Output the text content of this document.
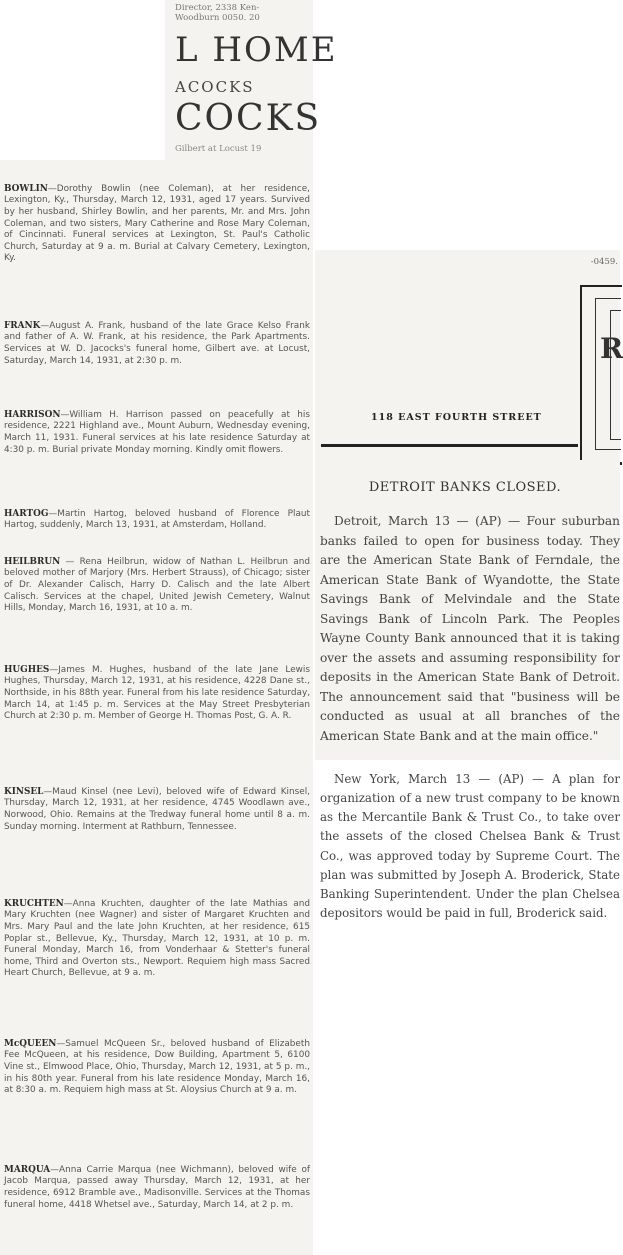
Director, 2338 Ken-
Woodburn 0050. 20
L HOME
ACOCKS
COCKS
Gilbert at Locust 19

BOWLIN—Dorothy Bowlin (nee Coleman), at her residence, Lexington, Ky., Thursday, March 12, 1931, aged 17 years. Survived by her husband, Shirley Bowlin, and her parents, Mr. and Mrs. John Coleman, and two sisters, Mary Catherine and Rose Mary Coleman, of Cincinnati. Funeral services at Lexington, St. Paul's Catholic Church, Saturday at 9 a. m. Burial at Calvary Cemetery, Lexington, Ky.

FRANK—August A. Frank, husband of the late Grace Kelso Frank and father of A. W. Frank, at his residence, the Park Apartments. Services at W. D. Jacocks's funeral home, Gilbert ave. at Locust, Saturday, March 14, 1931, at 2:30 p. m.

HARRISON—William H. Harrison passed on peacefully at his residence, 2221 Highland ave., Mount Auburn, Wednesday evening, March 11, 1931. Funeral services at his late residence Saturday at 4:30 p. m. Burial private Monday morning. Kindly omit flowers.

HARTOG—Martin Hartog, beloved husband of Florence Plaut Hartog, suddenly, March 13, 1931, at Amsterdam, Holland.

HEILBRUN — Rena Heilbrun, widow of Nathan L. Heilbrun and beloved mother of Marjory (Mrs. Herbert Strauss), of Chicago; sister of Dr. Alexander Calisch, Harry D. Calisch and the late Albert Calisch. Services at the chapel, United Jewish Cemetery, Walnut Hills, Monday, March 16, 1931, at 10 a. m.

HUGHES—James M. Hughes, husband of the late Jane Lewis Hughes, Thursday, March 12, 1931, at his residence, 4228 Dane st., Northside, in his 88th year. Funeral from his late residence Saturday, March 14, at 1:45 p. m. Services at the May Street Presbyterian Church at 2:30 p. m. Member of George H. Thomas Post, G. A. R.

KINSEL—Maud Kinsel (nee Levi), beloved wife of Edward Kinsel, Thursday, March 12, 1931, at her residence, 4745 Woodlawn ave., Norwood, Ohio. Remains at the Tredway funeral home until 8 a. m. Sunday morning. Interment at Rathburn, Tennessee.

KRUCHTEN—Anna Kruchten, daughter of the late Mathias and Mary Kruchten (nee Wagner) and sister of Margaret Kruchten and Mrs. Mary Paul and the late John Kruchten, at her residence, 615 Poplar st., Bellevue, Ky., Thursday, March 12, 1931, at 10 p. m. Funeral Monday, March 16, from Vonderhaar & Stetter's funeral home, Third and Overton sts., Newport. Requiem high mass Sacred Heart Church, Bellevue, at 9 a. m.

McQUEEN—Samuel McQueen Sr., beloved husband of Elizabeth Fee McQueen, at his residence, Dow Building, Apartment 5, 6100 Vine st., Elmwood Place, Ohio, Thursday, March 12, 1931, at 5 p. m., in his 80th year. Funeral from his late residence Monday, March 16, at 8:30 a. m. Requiem high mass at St. Aloysius Church at 9 a. m.

MARQUA—Anna Carrie Marqua (nee Wichmann), beloved wife of Jacob Marqua, passed away Thursday, March 12, 1931, at her residence, 6912 Bramble ave., Madisonville. Services at the Thomas funeral home, 4418 Whetsel ave., Saturday, March 14, at 2 p. m.

-0459.
R
118 EAST FOURTH STREET
DETROIT BANKS CLOSED.

Detroit, March 13 — (AP) — Four suburban banks failed to open for business today. They are the American State Bank of Ferndale, the American State Bank of Wyandotte, the State Savings Bank of Melvindale and the State Savings Bank of Lincoln Park. The Peoples Wayne County Bank announced that it is taking over the assets and assuming responsibility for deposits in the American State Bank of Detroit. The announcement said that "business will be conducted as usual at all branches of the American State Bank and at the main office."

New York, March 13 — (AP) — A plan for organization of a new trust company to be known as the Mercantile Bank & Trust Co., to take over the assets of the closed Chelsea Bank & Trust Co., was approved today by Supreme Court. The plan was submitted by Joseph A. Broderick, State Banking Superintendent. Under the plan Chelsea depositors would be paid in full, Broderick said.
